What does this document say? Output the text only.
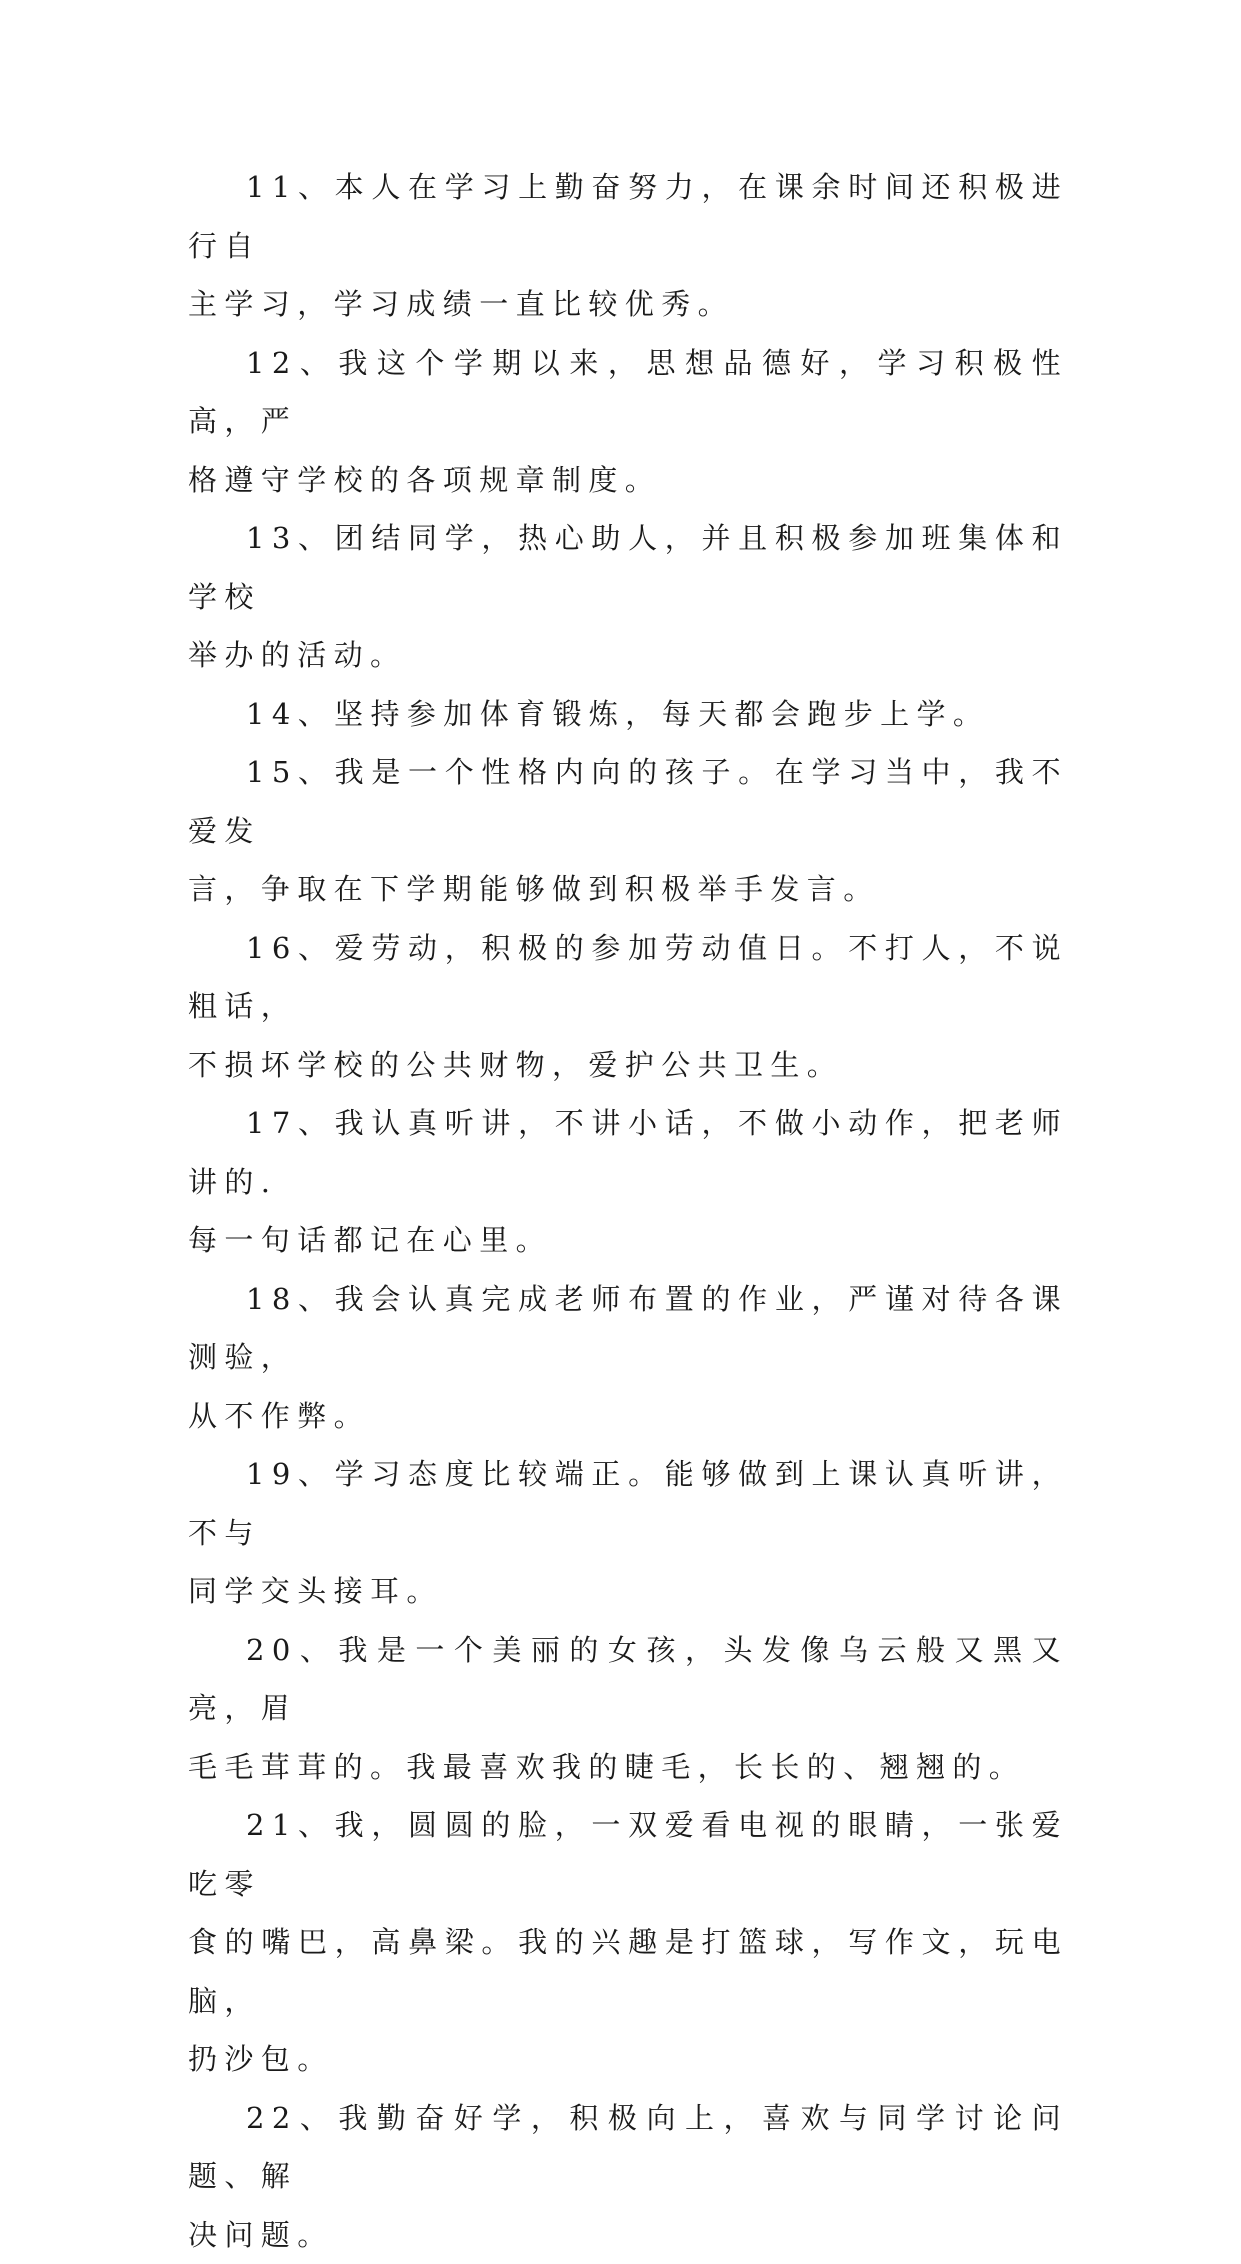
11、本人在学习上勤奋努力，在课余时间还积极进行自
主学习，学习成绩一直比较优秀。

12、我这个学期以来，思想品德好，学习积极性高，严
格遵守学校的各项规章制度。

13、团结同学，热心助人，并且积极参加班集体和学校
举办的活动。

14、坚持参加体育锻炼，每天都会跑步上学。

15、我是一个性格内向的孩子。在学习当中，我不爱发
言，争取在下学期能够做到积极举手发言。

16、爱劳动，积极的参加劳动值日。不打人，不说粗话，
不损坏学校的公共财物，爱护公共卫生。

17、我认真听讲，不讲小话，不做小动作，把老师讲的.
每一句话都记在心里。

18、我会认真完成老师布置的作业，严谨对待各课测验，
从不作弊。

19、学习态度比较端正。能够做到上课认真听讲，不与
同学交头接耳。

20、我是一个美丽的女孩，头发像乌云般又黑又亮，眉
毛毛茸茸的。我最喜欢我的睫毛，长长的、翘翘的。

21、我，圆圆的脸，一双爱看电视的眼睛，一张爱吃零
食的嘴巴，高鼻梁。我的兴趣是打篮球，写作文，玩电脑，
扔沙包。

22、我勤奋好学，积极向上，喜欢与同学讨论问题、解
决问题。
